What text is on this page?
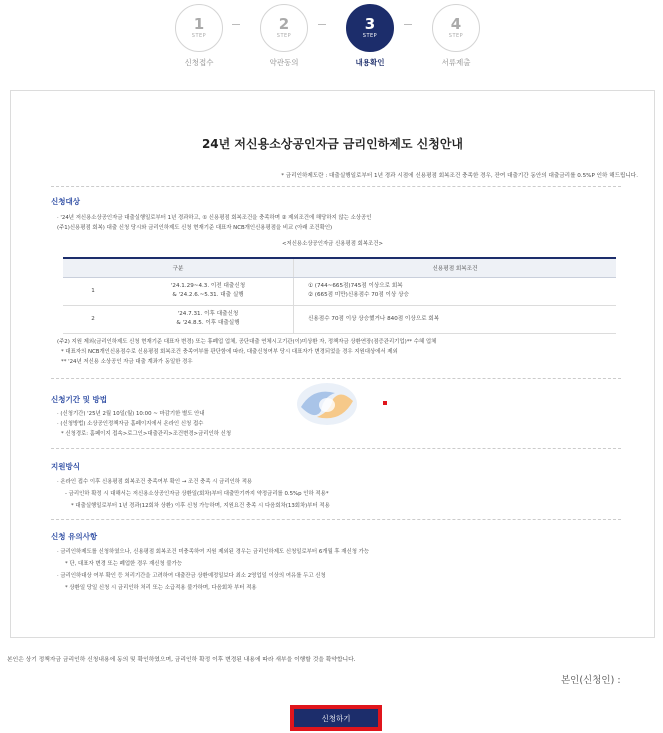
1
STEP
신청접수
2
STEP
약관동의
3
STEP
내용확인
4
STEP
서류제출
24년 저신용소상공인자금 금리인하제도 신청안내
* 금리인하제도란 : 대출실행일로부터 1년 경과 시점에 신용평점 회복조건 충족한 경우, 잔여 대출기간 동안의 대출금리를 0.5%P 인하 해드립니다.
신청대상
· '24년 저신용소상공인자금 대출실행일로부터 1년 경과하고, ① 신용평점 회복조건을 충족하며 ② 제외조건에 해당하지 않는 소상공인
(주1)신용평점 회복) 대출 신청 당시와 금리인하제도 신청 현재기준 대표자 NCB개인신용평점을 비교 (아래 조건확인)
<저신용소상공인자금 신용평점 회복조건>
구분	신용평점 회복조건

1
'24.1.29~4.3. 이전 대출신청
& '24.2.6.~5.31. 대출 실행	① (744~665점)745점 이상으로 회복
② (665점 미만)신용점수 70점 이상 상승

2
'24.7.31. 이후 대출신청
& '24.8.5. 이후 대출실행	신용점수 70점 이상 상승했거나 840점 이상으로 회복
(주2) 지원 제외(금리인하제도 신청 현재기준 대표자 변경) 또는 휴폐업 업체, 공단대출 연체시고기관(이)미상환 자, 정책자금 상환연장(점증관리기업)** 수혜 업체
* 대표자의 NCB개인신용점수로 신용평점 회복조건 충족여부를 판단함에 따라, 대출신청여부 당시 대표자가 변경되었을 경우 지원대상에서 제외
** '24년 저신용 소상공인 자금 대출 계좌가 동일한 경우
신청기간 및 방법
· (신청기간) '25년 2월 10일(월) 10:00 ~ 마감기한 별도 안내
· (신청방법) 소상공인정책자금 홈페이지에서 온라인 신청 접수
* 신청경로: 홈페이지 접속>로그인>대출관리>조건변경>금리인하 신청
지원방식
· 온라인 접수 이후 신용평점 회복조건 충족여부 확인 → 조건 충족 시 금리인하 적용
- 금리인하 확정 시 대해서는 저신용소상공인자금 상환일(회차)부터 대출만기까지 약정금리를 0.5%p 인하 적용*
* 대출실행일로부터 1년 경과(12회차 상환) 이후 신청 가능하며, 지원요건 충족 시 다음회차(13회차)부터 적용
신청 유의사항
· 금리인하제도를 신청하였으나, 신용평점 회복조건 미충족하여 지원 제외된 경우는 금리인하제도 신청일로부터 6개월 후 재신청 가능
* 단, 대표자 변경 또는 폐업한 경우 재신청 불가능
· 금리인하대상 여부 확인 등 처리기간을 고려하여 대출잔금 상환예정일보다 최소 2영업일 이상의 여유를 두고 신청
* 상환일 당일 신청 시 금리인하 처리 또는 소급적용 불가하며, 다음회차 부터 적용
본인은 상기 정책자금 금리인하 신청내용에 동의 및 확인하였으며, 금리인하 확정 이후 변경된 내용에 따라 새부을 이행할 것을 확약합니다.
본인(신청인) :
신청하기
